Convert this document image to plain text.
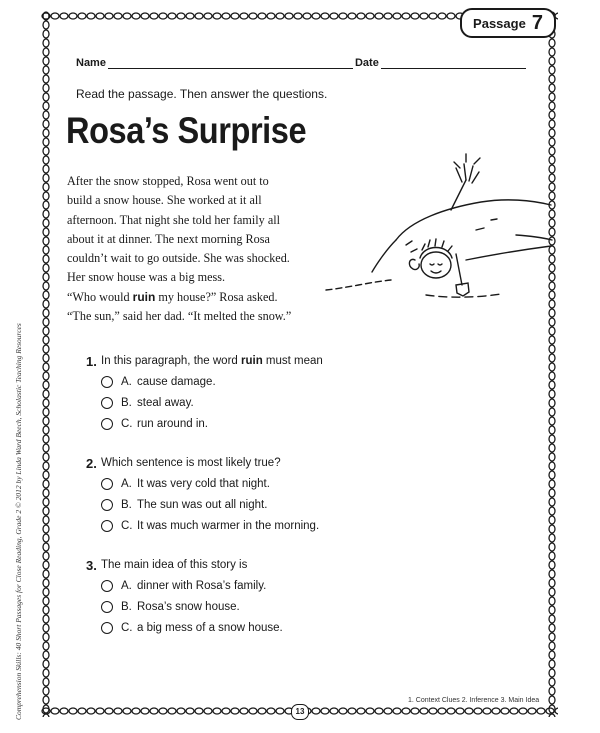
Passage 7
Comprehension Skills: 40 Short Passages for Close Reading, Grade 2 © 2012 by Linda Ward Beech, Scholastic Teaching Resources
Name	Date
Read the passage. Then answer the questions.
Rosa’s Surprise
After the snow stopped, Rosa went out to
build a snow house. She worked at it all
afternoon. That night she told her family all
about it at dinner. The next morning Rosa
couldn’t wait to go outside. She was shocked.
Her snow house was a big mess.
“Who would ruin my house?” Rosa asked.
“The sun,” said her dad. “It melted the snow.”
1. In this paragraph, the word ruin must mean
A. cause damage.
B. steal away.
C. run around in.
2. Which sentence is most likely true?
A. It was very cold that night.
B. The sun was out all night.
C. It was much warmer in the morning.
3. The main idea of this story is
A. dinner with Rosa’s family.
B. Rosa’s snow house.
C. a big mess of a snow house.
1. Context Clues 2. Inference 3. Main Idea
13
